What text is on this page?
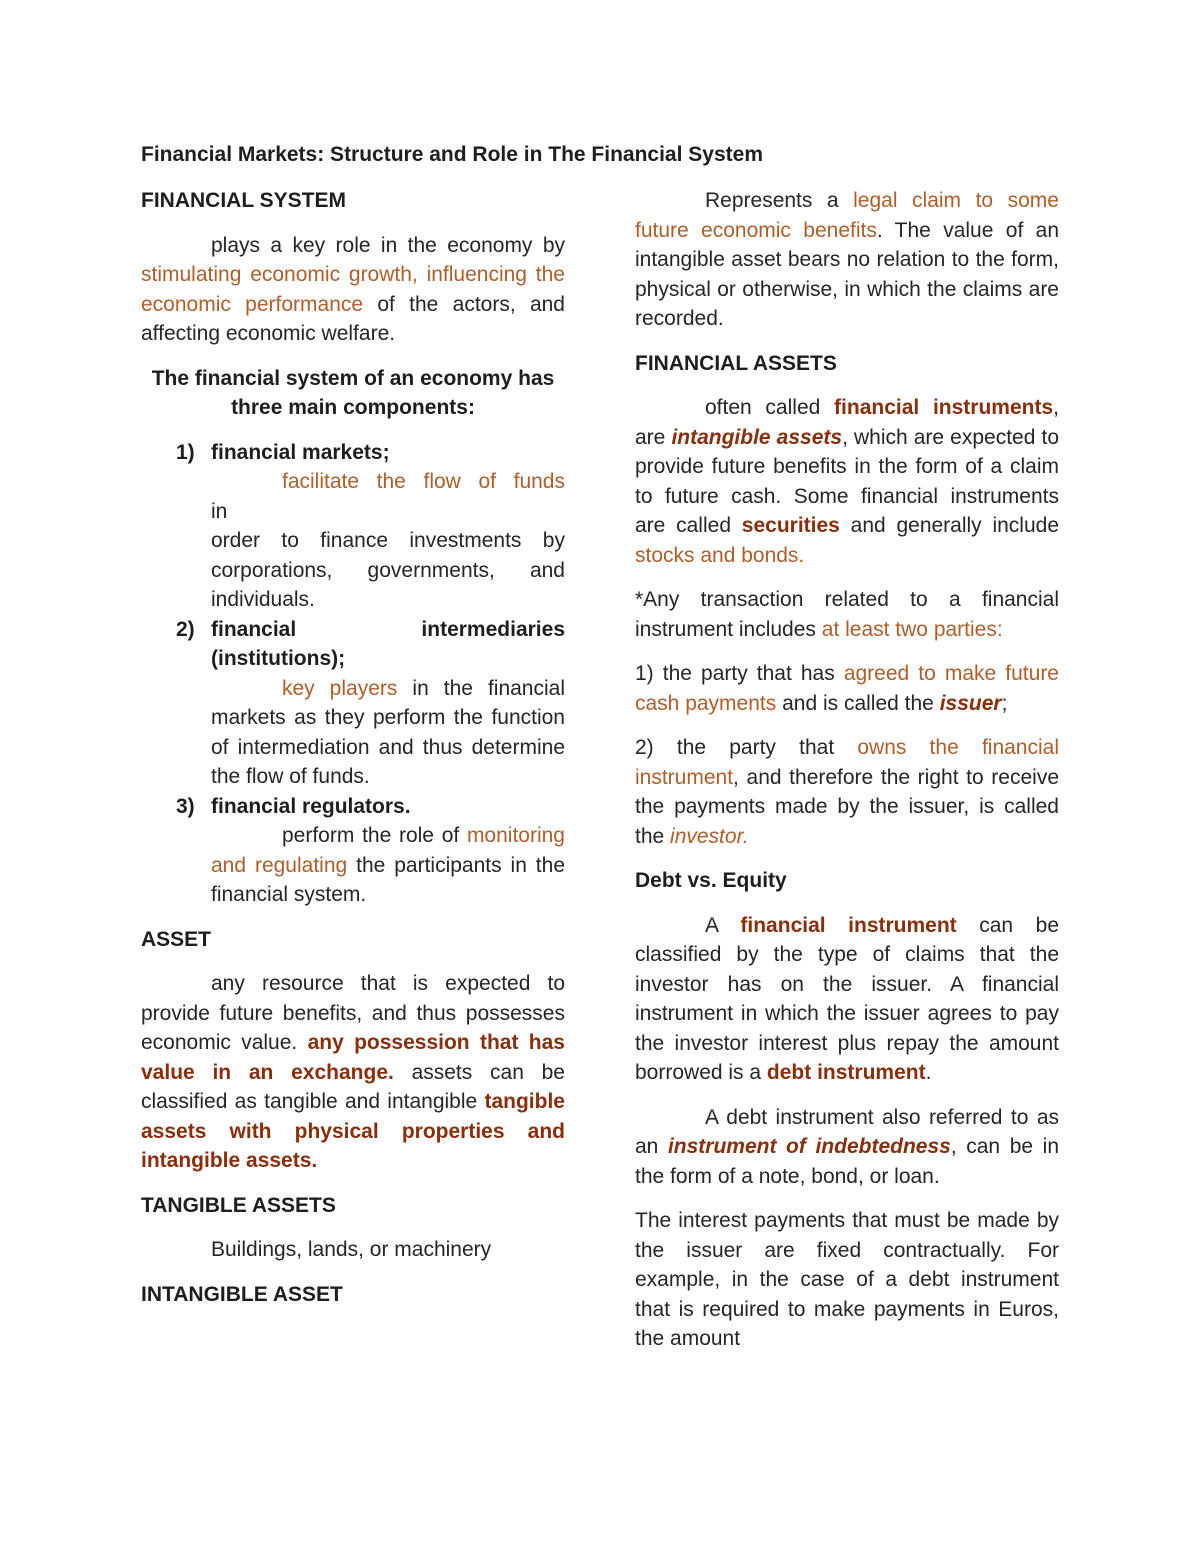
Financial Markets: Structure and Role in The Financial System
FINANCIAL SYSTEM

plays a key role in the economy by stimulating economic growth, influencing the economic performance of the actors, and affecting economic welfare.

The financial system of an economy has three main components:
1) financial markets;
facilitate the flow of funds
in
order to finance investments by corporations, governments, and individuals.
2) financial intermediaries (institutions);
key players in the financial markets as they perform the function of intermediation and thus determine the flow of funds.
3) financial regulators.
perform the role of monitoring and regulating the participants in the financial system.
ASSET

any resource that is expected to provide future benefits, and thus possesses economic value. any possession that has value in an exchange. assets can be classified as tangible and intangible tangible assets with physical properties and intangible assets.

TANGIBLE ASSETS

Buildings, lands, or machinery

INTANGIBLE ASSET

Represents a legal claim to some future economic benefits. The value of an intangible asset bears no relation to the form, physical or otherwise, in which the claims are recorded.

FINANCIAL ASSETS

often called financial instruments, are intangible assets, which are expected to provide future benefits in the form of a claim to future cash. Some financial instruments are called securities and generally include stocks and bonds.

*Any transaction related to a financial instrument includes at least two parties:

1) the party that has agreed to make future cash payments and is called the issuer;

2) the party that owns the financial instrument, and therefore the right to receive the payments made by the issuer, is called the investor.

Debt vs. Equity

A financial instrument can be classified by the type of claims that the investor has on the issuer. A financial instrument in which the issuer agrees to pay the investor interest plus repay the amount borrowed is a debt instrument.

A debt instrument also referred to as an instrument of indebtedness, can be in the form of a note, bond, or loan.

The interest payments that must be made by the issuer are fixed contractually. For example, in the case of a debt instrument that is required to make payments in Euros, the amount
